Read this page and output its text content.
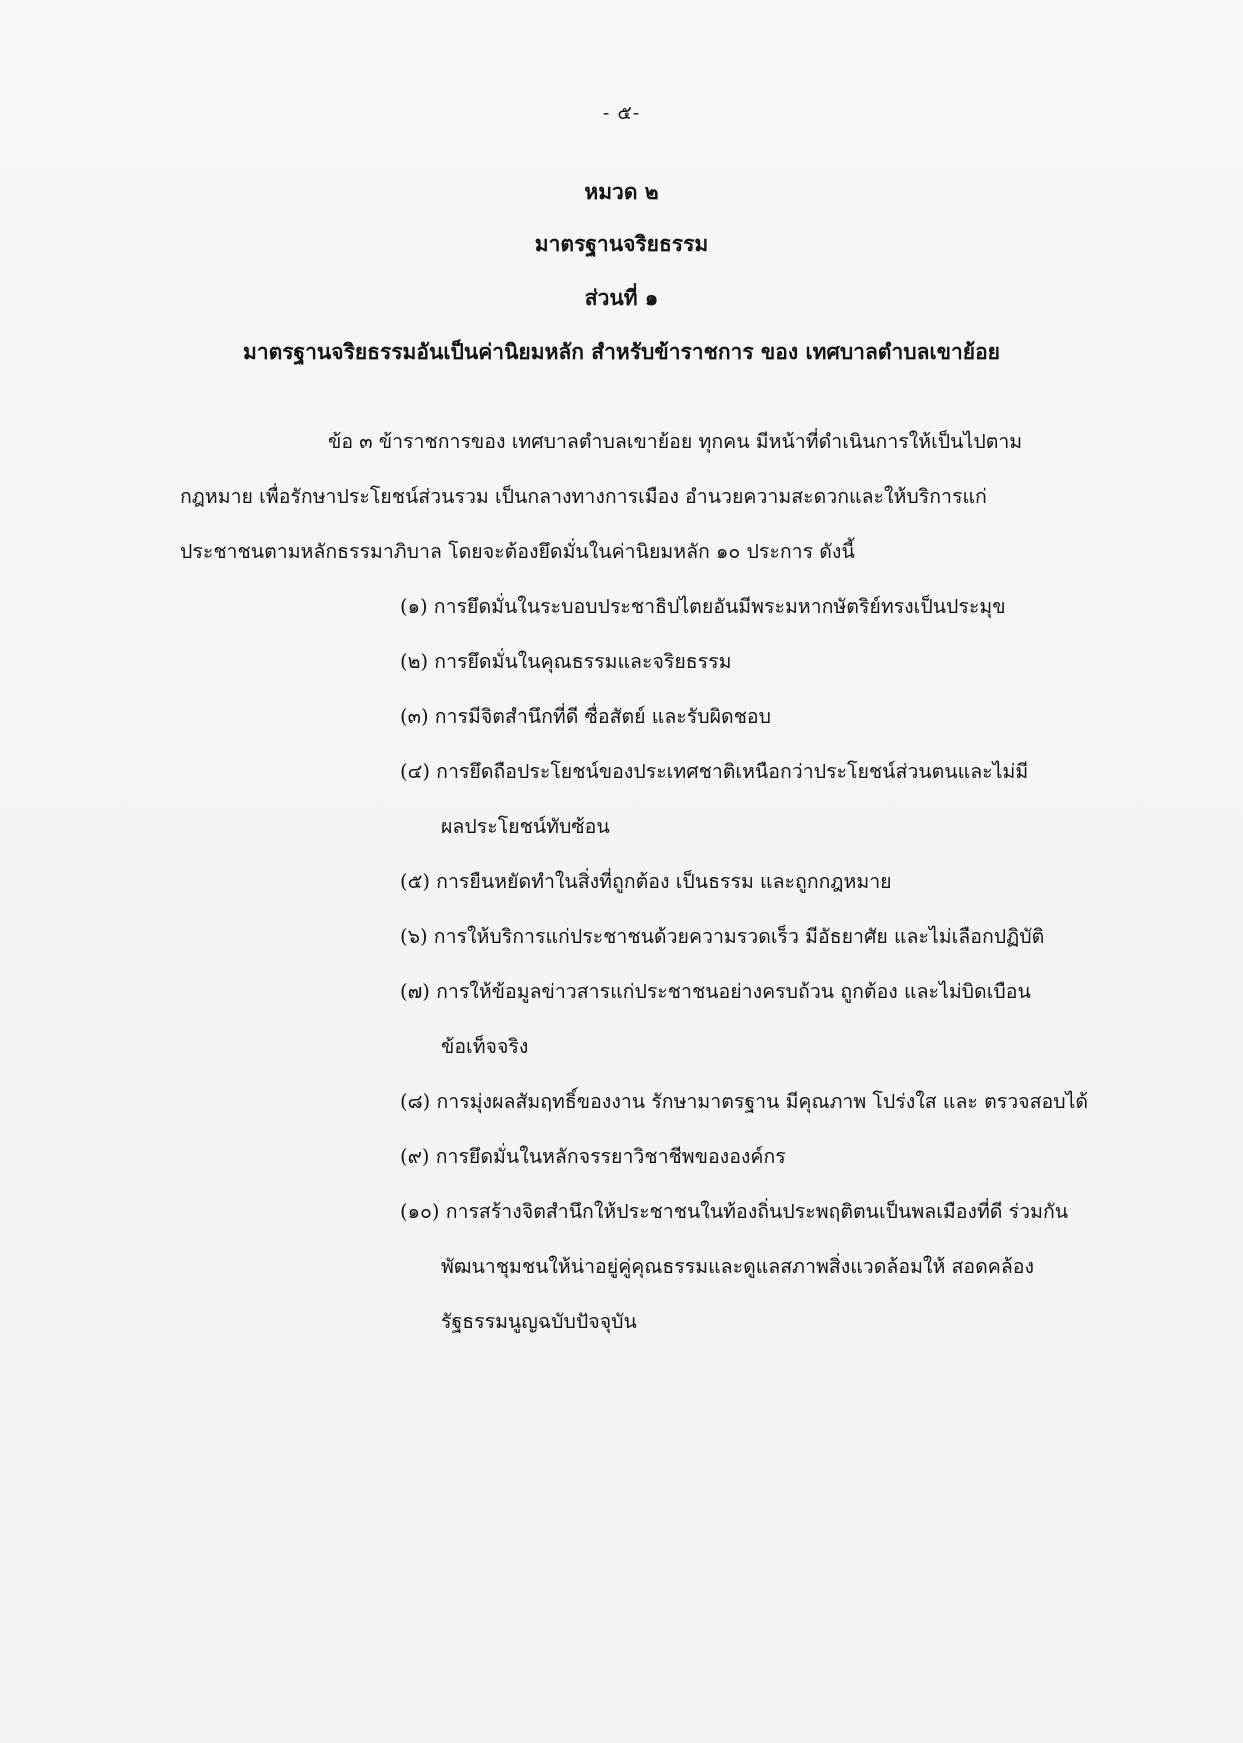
- ๕-
หมวด ๒
มาตรฐานจริยธรรม
ส่วนที่ ๑
มาตรฐานจริยธรรมอันเป็นค่านิยมหลัก สำหรับข้าราชการ ของ เทศบาลตำบลเขาย้อย
ข้อ ๓ ข้าราชการของ เทศบาลตำบลเขาย้อย ทุกคน มีหน้าที่ดำเนินการให้เป็นไปตาม
กฎหมาย เพื่อรักษาประโยชน์ส่วนรวม เป็นกลางทางการเมือง อำนวยความสะดวกและให้บริการแก่
ประชาชนตามหลักธรรมาภิบาล โดยจะต้องยึดมั่นในค่านิยมหลัก ๑๐ ประการ ดังนี้
(๑) การยึดมั่นในระบอบประชาธิปไตยอันมีพระมหากษัตริย์ทรงเป็นประมุข
(๒) การยึดมั่นในคุณธรรมและจริยธรรม
(๓) การมีจิตสำนึกที่ดี ซื่อสัตย์ และรับผิดชอบ
(๔) การยึดถือประโยชน์ของประเทศชาติเหนือกว่าประโยชน์ส่วนตนและไม่มี
ผลประโยชน์ทับซ้อน
(๕) การยืนหยัดทำในสิ่งที่ถูกต้อง เป็นธรรม และถูกกฎหมาย
(๖) การให้บริการแก่ประชาชนด้วยความรวดเร็ว มีอัธยาศัย และไม่เลือกปฏิบัติ
(๗) การให้ข้อมูลข่าวสารแก่ประชาชนอย่างครบถ้วน ถูกต้อง และไม่บิดเบือน
ข้อเท็จจริง
(๘) การมุ่งผลสัมฤทธิ์ของงาน รักษามาตรฐาน มีคุณภาพ โปร่งใส และ ตรวจสอบได้
(๙) การยึดมั่นในหลักจรรยาวิชาชีพขององค์กร
(๑๐) การสร้างจิตสำนึกให้ประชาชนในท้องถิ่นประพฤติตนเป็นพลเมืองที่ดี ร่วมกัน
พัฒนาชุมชนให้น่าอยู่คู่คุณธรรมและดูแลสภาพสิ่งแวดล้อมให้ สอดคล้อง
รัฐธรรมนูญฉบับปัจจุบัน
